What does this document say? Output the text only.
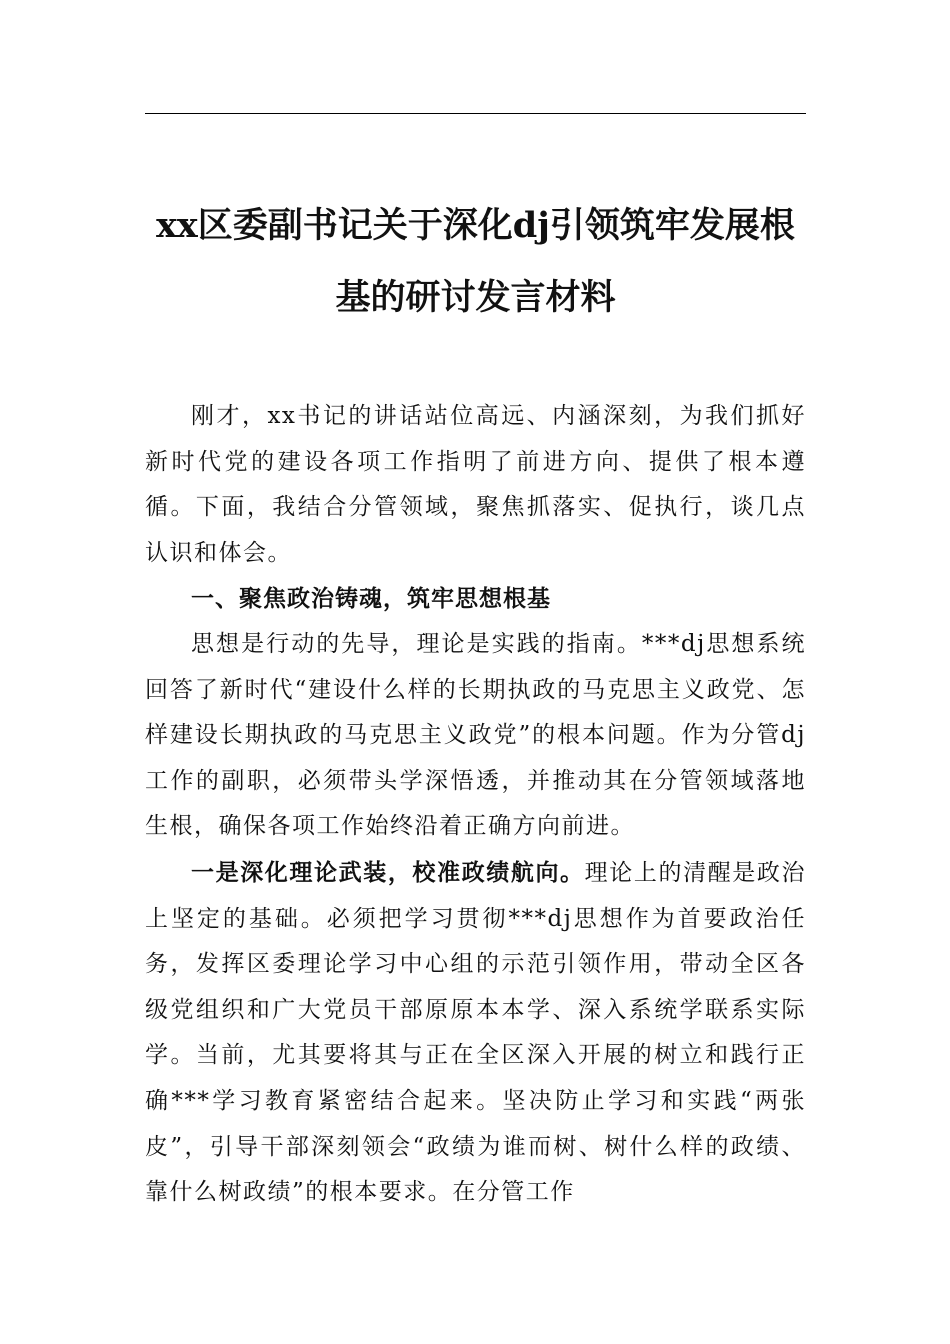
xx区委副书记关于深化dj引领筑牢发展根
基的研讨发言材料

刚才，xx书记的讲话站位高远、内涵深刻，为我们抓好新时代党的建设各项工作指明了前进方向、提供了根本遵循。下面，我结合分管领域，聚焦抓落实、促执行，谈几点认识和体会。

一、聚焦政治铸魂，筑牢思想根基

思想是行动的先导，理论是实践的指南。***dj思想系统回答了新时代“建设什么样的长期执政的马克思主义政党、怎样建设长期执政的马克思主义政党”的根本问题。作为分管dj工作的副职，必须带头学深悟透，并推动其在分管领域落地生根，确保各项工作始终沿着正确方向前进。

一是深化理论武装，校准政绩航向。理论上的清醒是政治上坚定的基础。必须把学习贯彻***dj思想作为首要政治任务，发挥区委理论学习中心组的示范引领作用，带动全区各级党组织和广大党员干部原原本本学、深入系统学联系实际学。当前，尤其要将其与正在全区深入开展的树立和践行正确***学习教育紧密结合起来。坚决防止学习和实践“两张皮”，引导干部深刻领会“政绩为谁而树、树什么样的政绩、靠什么树政绩”的根本要求。在分管工作
